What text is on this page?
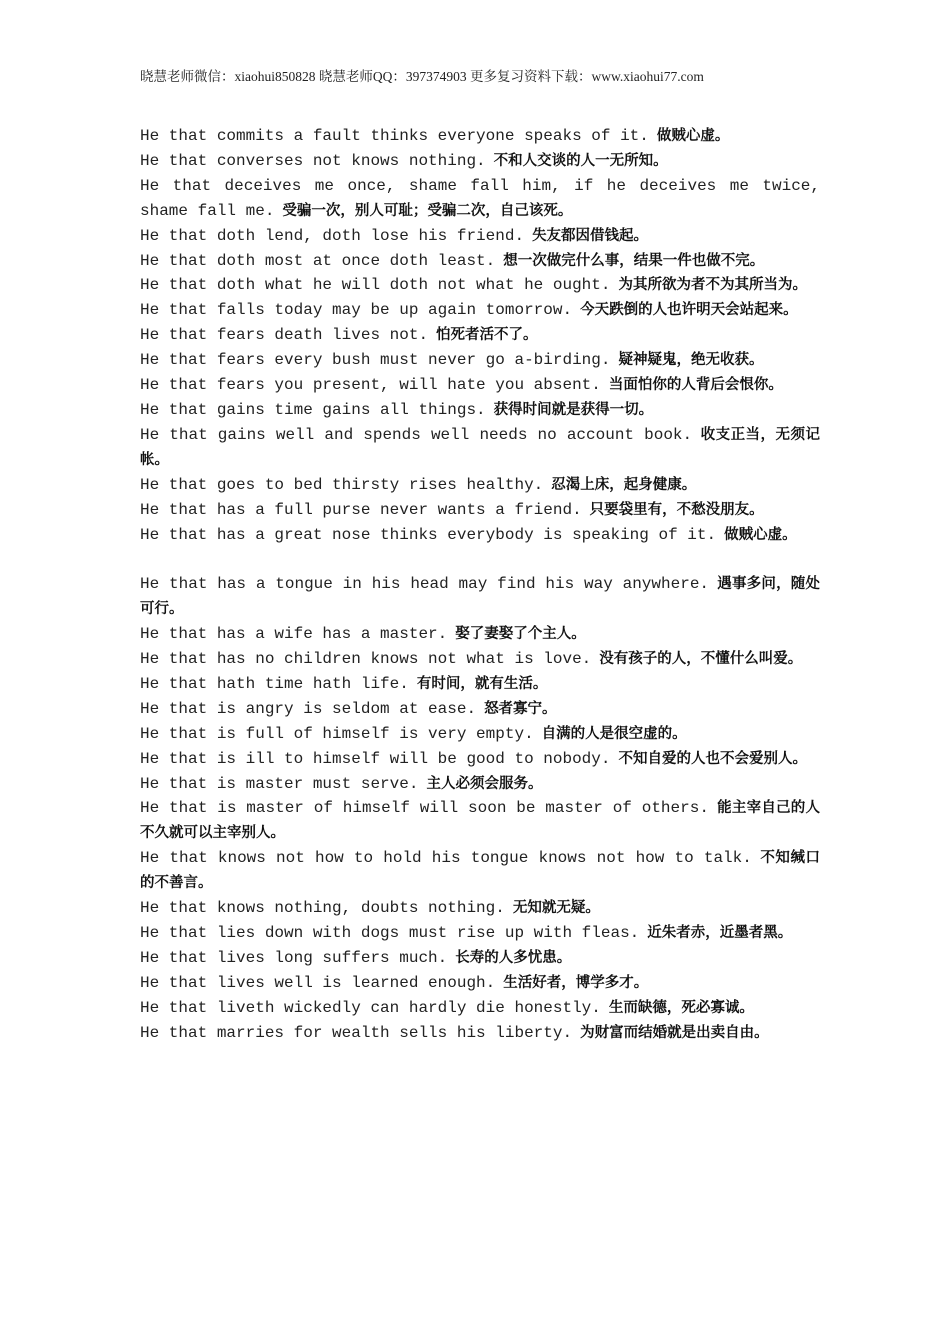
晓慧老师微信：xiaohui850828 晓慧老师QQ：397374903 更多复习资料下载：www.xiaohui77.com
He that commits a fault thinks everyone speaks of it. 做贼心虚。
He that converses not knows nothing. 不和人交谈的人一无所知。
He that deceives me once, shame fall him, if he deceives me twice, shame fall me. 受骗一次，别人可耻；受骗二次，自己该死。
He that doth lend, doth lose his friend. 失友都因借钱起。
He that doth most at once doth least. 想一次做完什么事，结果一件也做不完。
He that doth what he will doth not what he ought. 为其所欲为者不为其所当为。
He that falls today may be up again tomorrow. 今天跌倒的人也许明天会站起来。
He that fears death lives not. 怕死者活不了。
He that fears every bush must never go a-birding. 疑神疑鬼，绝无收获。
He that fears you present, will hate you absent. 当面怕你的人背后会恨你。
He that gains time gains all things. 获得时间就是获得一切。
He that gains well and spends well needs no account book. 收支正当，无须记帐。
He that goes to bed thirsty rises healthy. 忍渴上床，起身健康。
He that has a full purse never wants a friend. 只要袋里有，不愁没朋友。
He that has a great nose thinks everybody is speaking of it. 做贼心虚。
He that has a tongue in his head may find his way anywhere. 遇事多问，随处可行。
He that has a wife has a master. 娶了妻娶了个主人。
He that has no children knows not what is love. 没有孩子的人，不懂什么叫爱。
He that hath time hath life. 有时间，就有生活。
He that is angry is seldom at ease. 怒者寡宁。
He that is full of himself is very empty. 自满的人是很空虚的。
He that is ill to himself will be good to nobody. 不知自爱的人也不会爱别人。
He that is master must serve. 主人必须会服务。
He that is master of himself will soon be master of others. 能主宰自己的人不久就可以主宰别人。
He that knows not how to hold his tongue knows not how to talk. 不知缄口的不善言。
He that knows nothing, doubts nothing. 无知就无疑。
He that lies down with dogs must rise up with fleas. 近朱者赤，近墨者黑。
He that lives long suffers much. 长寿的人多忧患。
He that lives well is learned enough. 生活好者，博学多才。
He that liveth wickedly can hardly die honestly. 生而缺德，死必寡诚。
He that marries for wealth sells his liberty. 为财富而结婚就是出卖自由。
